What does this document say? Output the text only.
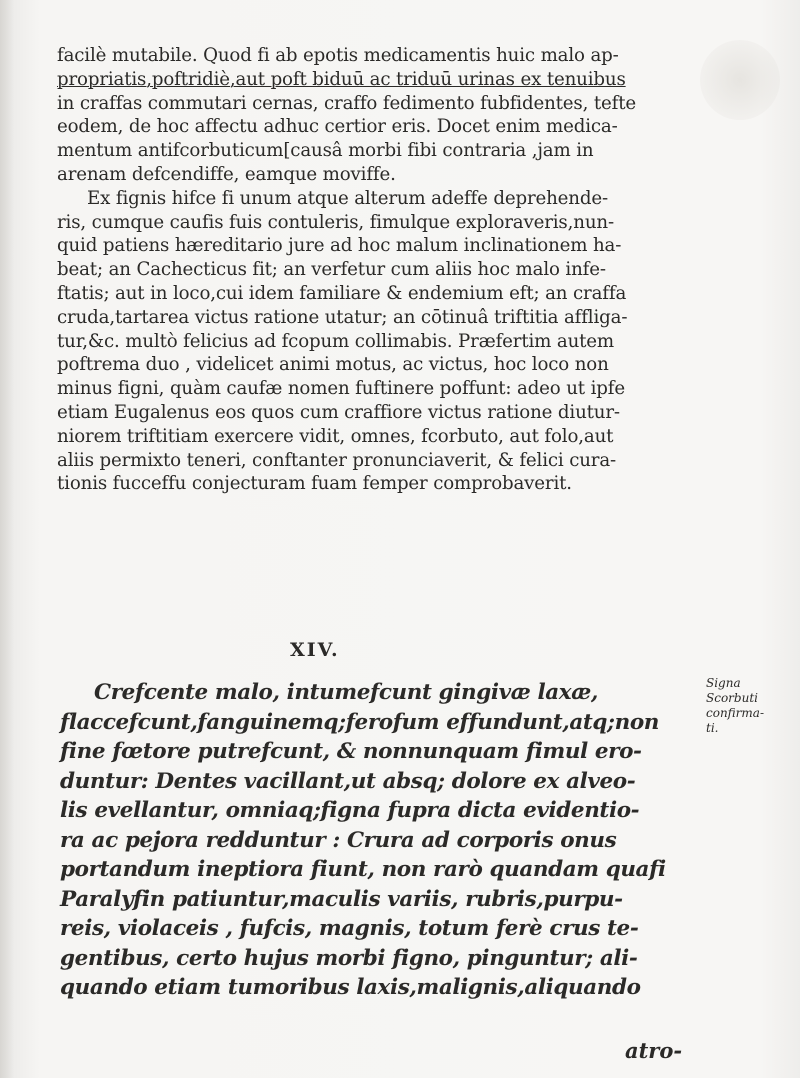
facilè mutabile. Quod fi ab epotis medicamentis huic malo ap-
propriatis,poftridiè,aut poft biduū ac triduū urinas ex tenuibus
in craffas commutari cernas, craffo fedimento fubfidentes, tefte
eodem, de hoc affectu adhuc certior eris. Docet enim medica-
mentum antifcorbuticum[causâ morbi fibi contraria ,jam in
arenam defcendiffe, eamque moviffe.
Ex fignis hifce fi unum atque alterum adeffe deprehende-
ris, cumque caufis fuis contuleris, fimulque exploraveris,nun-
quid patiens hæreditario jure ad hoc malum inclinationem ha-
beat; an Cachecticus fit; an verfetur cum aliis hoc malo infe-
ftatis; aut in loco,cui idem familiare & endemium eft; an craffa
cruda,tartarea victus ratione utatur; an cōtinuâ triftitia affliga-
tur,&c. multò felicius ad fcopum collimabis. Præfertim autem
poftrema duo , videlicet animi motus, ac victus, hoc loco non
minus figni, quàm caufæ nomen fuftinere poffunt: adeo ut ipfe
etiam Eugalenus eos quos cum craffiore victus ratione diutur-
niorem triftitiam exercere vidit, omnes, fcorbuto, aut folo,aut
aliis permixto teneri, conftanter pronunciaverit, & felici cura-
tionis fucceffu conjecturam fuam femper comprobaverit.
XIV.
Crefcente malo, intumefcunt gingivæ laxæ,
flaccefcunt,fanguinemq;ferofum effundunt,atq;non
fine fœtore putrefcunt, & nonnunquam fimul ero-
duntur: Dentes vacillant,ut absq; dolore ex alveo-
lis evellantur, omniaq;figna fupra dicta evidentio-
ra ac pejora redduntur : Crura ad corporis onus
portandum ineptiora fiunt, non rarò quandam quafi
Paralyfin patiuntur,maculis variis, rubris,purpu-
reis, violaceis , fufcis, magnis, totum ferè crus te-
gentibus, certo hujus morbi figno, pinguntur; ali-
quando etiam tumoribus laxis,malignis,aliquando
Signa
Scorbuti
confirma-
ti.
atro-
